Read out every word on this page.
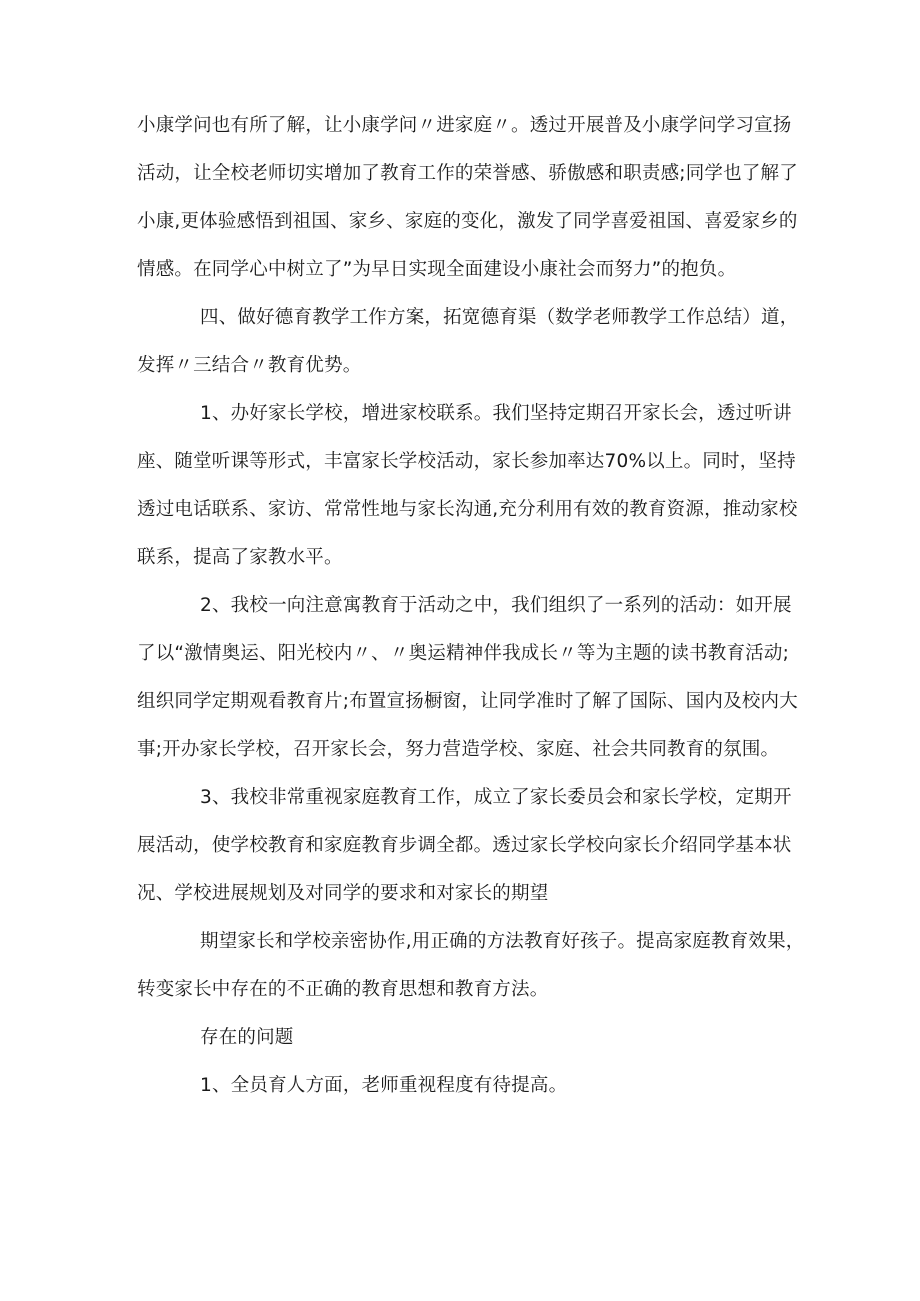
小康学问也有所了解，让小康学问〃进家庭〃。透过开展普及小康学问学习宣扬
活动，让全校老师切实增加了教育工作的荣誉感、骄傲感和职责感;同学也了解了
小康,更体验感悟到祖国、家乡、家庭的变化，激发了同学喜爱祖国、喜爱家乡的
情感。在同学心中树立了”为早日实现全面建设小康社会而努力”的抱负。
四、做好德育教学工作方案，拓宽德育渠（数学老师教学工作总结）道，
发挥〃三结合〃教育优势。
1、办好家长学校，增进家校联系。我们坚持定期召开家长会，透过听讲
座、随堂听课等形式，丰富家长学校活动，家长参加率达70%以上。同时，坚持
透过电话联系、家访、常常性地与家长沟通,充分利用有效的教育资源，推动家校
联系，提高了家教水平。
2、我校一向注意寓教育于活动之中，我们组织了一系列的活动：如开展
了以“激情奥运、阳光校内〃、〃奥运精神伴我成长〃等为主题的读书教育活动;
组织同学定期观看教育片;布置宣扬橱窗，让同学准时了解了国际、国内及校内大
事;开办家长学校，召开家长会，努力营造学校、家庭、社会共同教育的氛围。
3、我校非常重视家庭教育工作，成立了家长委员会和家长学校，定期开
展活动，使学校教育和家庭教育步调全都。透过家长学校向家长介绍同学基本状
况、学校进展规划及对同学的要求和对家长的期望
期望家长和学校亲密协作,用正确的方法教育好孩子。提高家庭教育效果，
转变家长中存在的不正确的教育思想和教育方法。
存在的问题
1、全员育人方面，老师重视程度有待提高。
